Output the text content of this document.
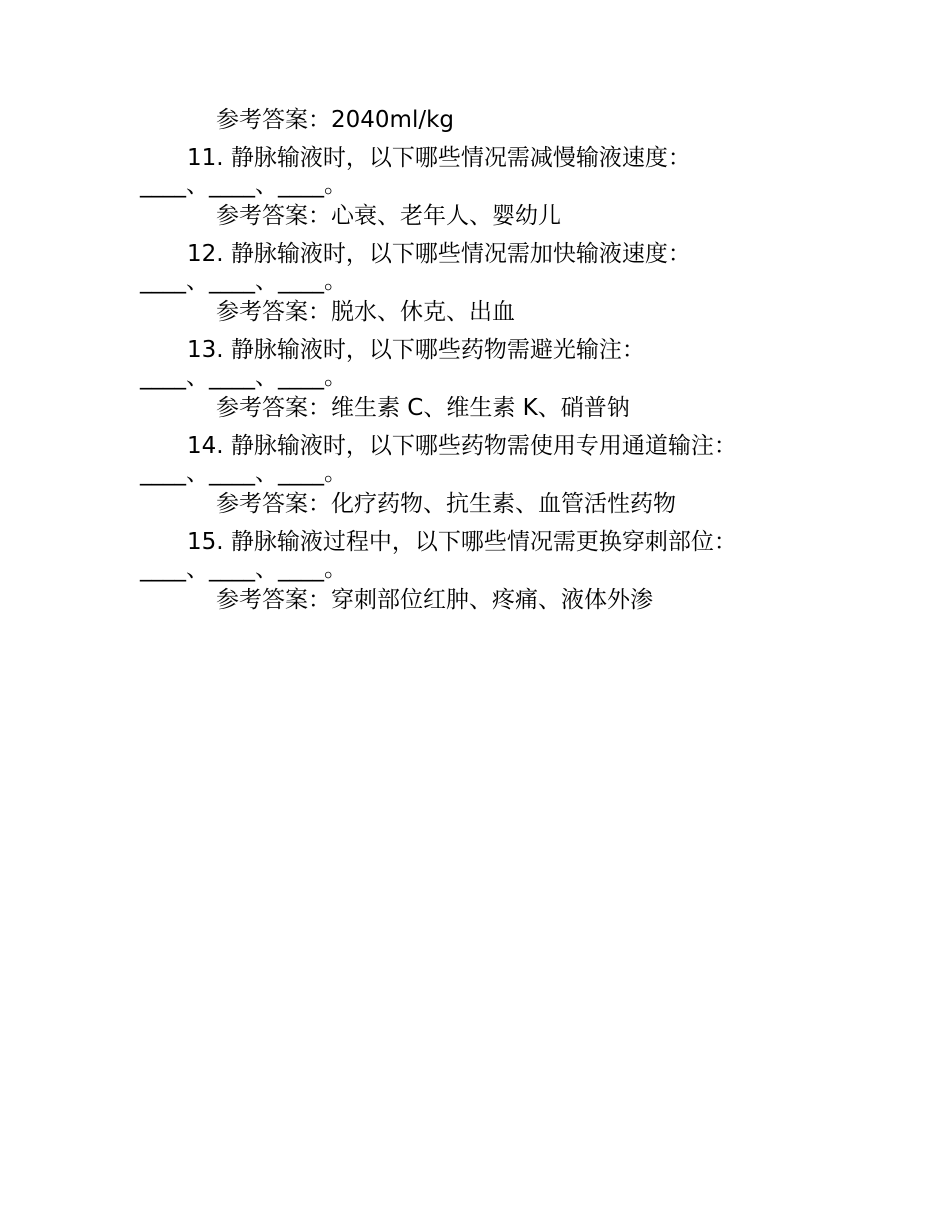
参考答案：2040ml/kg
11. 静脉输液时，以下哪些情况需减慢输液速度：
____、____、____。
参考答案：心衰、老年人、婴幼儿
12. 静脉输液时，以下哪些情况需加快输液速度：
____、____、____。
参考答案：脱水、休克、出血
13. 静脉输液时，以下哪些药物需避光输注：
____、____、____。
参考答案：维生素 C、维生素 K、硝普钠
14. 静脉输液时，以下哪些药物需使用专用通道输注：
____、____、____。
参考答案：化疗药物、抗生素、血管活性药物
15. 静脉输液过程中，以下哪些情况需更换穿刺部位：
____、____、____。
参考答案：穿刺部位红肿、疼痛、液体外渗
